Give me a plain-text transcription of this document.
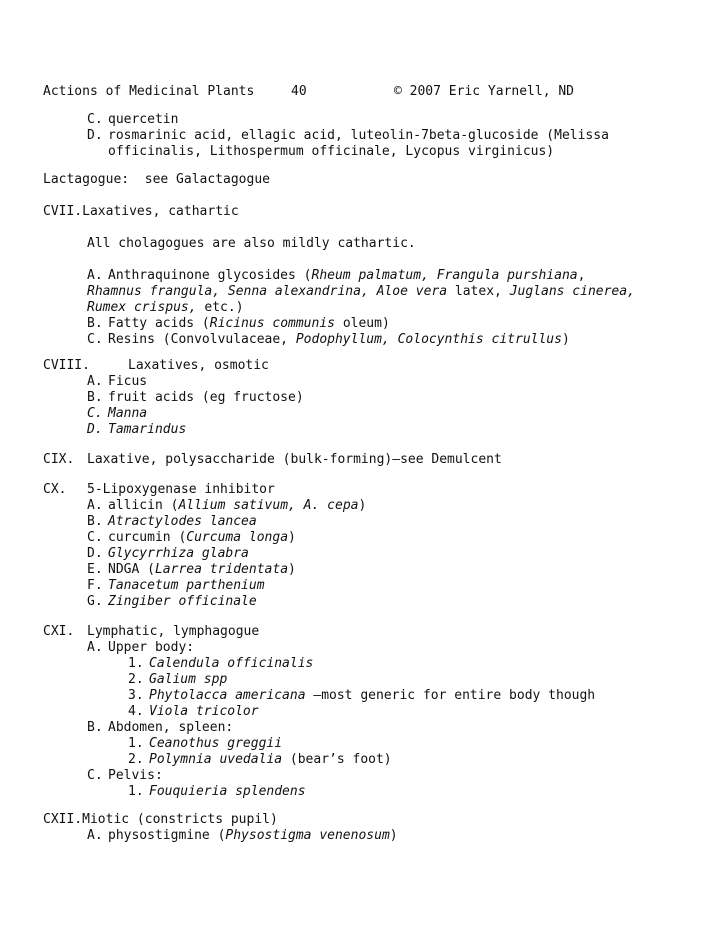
Actions of Medicinal Plants	40	© 2007 Eric Yarnell, ND
C. quercetin
D. rosmarinic acid, ellagic acid, luteolin-7beta-glucoside (Melissa
officinalis, Lithospermum officinale, Lycopus virginicus)
Lactagogue:  see Galactagogue
CVII.Laxatives, cathartic
All cholagogues are also mildly cathartic.
A. Anthraquinone glycosides (Rheum palmatum, Frangula purshiana,
Rhamnus frangula, Senna alexandrina, Aloe vera latex, Juglans cinerea,
Rumex crispus, etc.)
B. Fatty acids (Ricinus communis oleum)
C. Resins (Convolvulaceae, Podophyllum, Colocynthis citrullus)
CVIII.	Laxatives, osmotic
A. Ficus
B. fruit acids (eg fructose)
C. Manna
D. Tamarindus
CIX. Laxative, polysaccharide (bulk-forming)—see Demulcent
CX. 5-Lipoxygenase inhibitor
A. allicin (Allium sativum, A. cepa)
B. Atractylodes lancea
C. curcumin (Curcuma longa)
D. Glycyrrhiza glabra
E. NDGA (Larrea tridentata)
F. Tanacetum parthenium
G. Zingiber officinale
CXI. Lymphatic, lymphagogue
A. Upper body:
1. Calendula officinalis
2. Galium spp
3. Phytolacca americana —most generic for entire body though
4. Viola tricolor
B. Abdomen, spleen:
1. Ceanothus greggii
2. Polymnia uvedalia (bear’s foot)
C. Pelvis:
1. Fouquieria splendens
CXII.Miotic (constricts pupil)
A. physostigmine (Physostigma venenosum)
